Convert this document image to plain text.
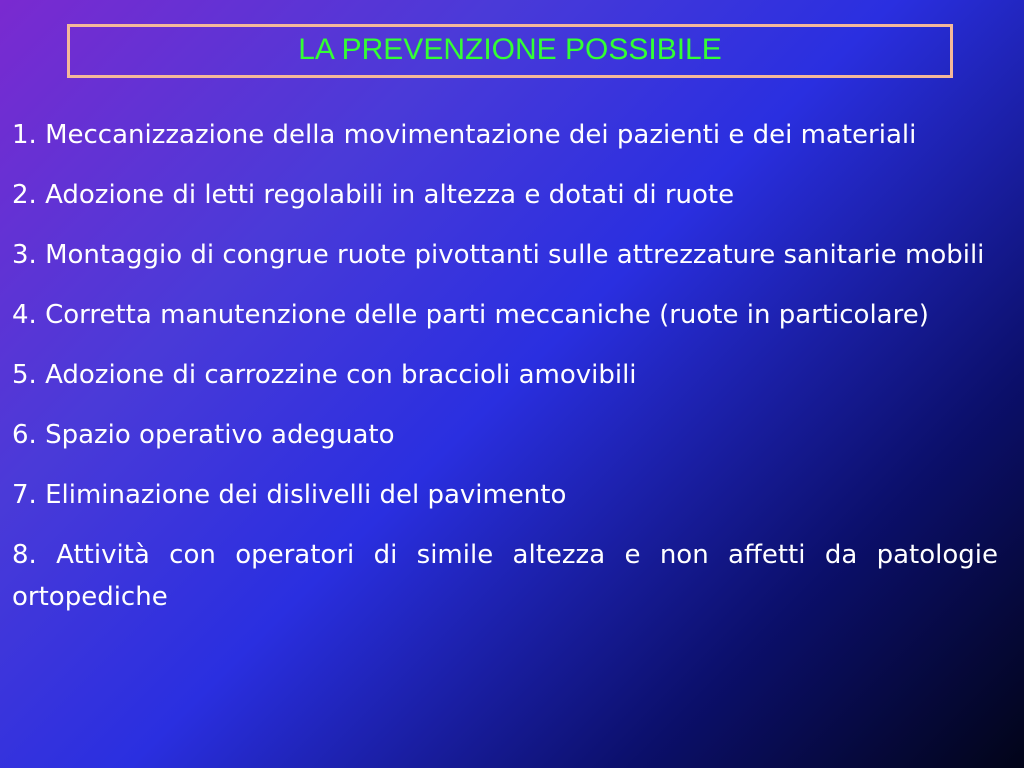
LA PREVENZIONE POSSIBILE
1. Meccanizzazione della movimentazione dei pazienti e dei materiali
2. Adozione di letti regolabili in altezza e dotati di ruote
3. Montaggio di congrue ruote pivottanti sulle attrezzature sanitarie mobili
4. Corretta manutenzione delle parti meccaniche (ruote in particolare)
5. Adozione di carrozzine con braccioli amovibili
6. Spazio operativo adeguato
7. Eliminazione dei dislivelli del pavimento
8. Attività con operatori di simile altezza e non affetti da patologie ortopediche
